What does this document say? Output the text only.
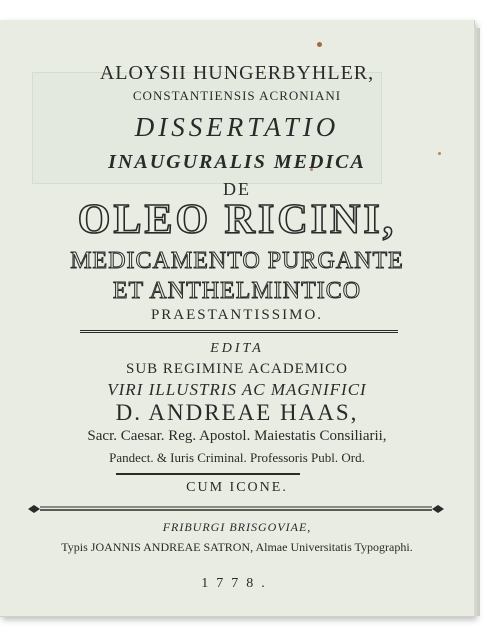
ALOYSII HUNGERBYHLER,
CONSTANTIENSIS ACRONIANI
DISSERTATIO
INAUGURALIS MEDICA
DE
OLEO RICINI,
MEDICAMENTO PURGANTE
ET ANTHELMINTICO
PRAESTANTISSIMO.
EDITA
SUB REGIMINE ACADEMICO
VIRI ILLUSTRIS AC MAGNIFICI
D. ANDREAE HAAS,
Sacr. Caesar. Reg. Apostol. Maiestatis Consiliarii,
Pandect. & Iuris Criminal. Professoris Publ. Ord.
CUM ICONE.
FRIBURGI BRISGOVIAE,
Typis JOANNIS ANDREAE SATRON, Almae Universitatis Typographi.
1778.
